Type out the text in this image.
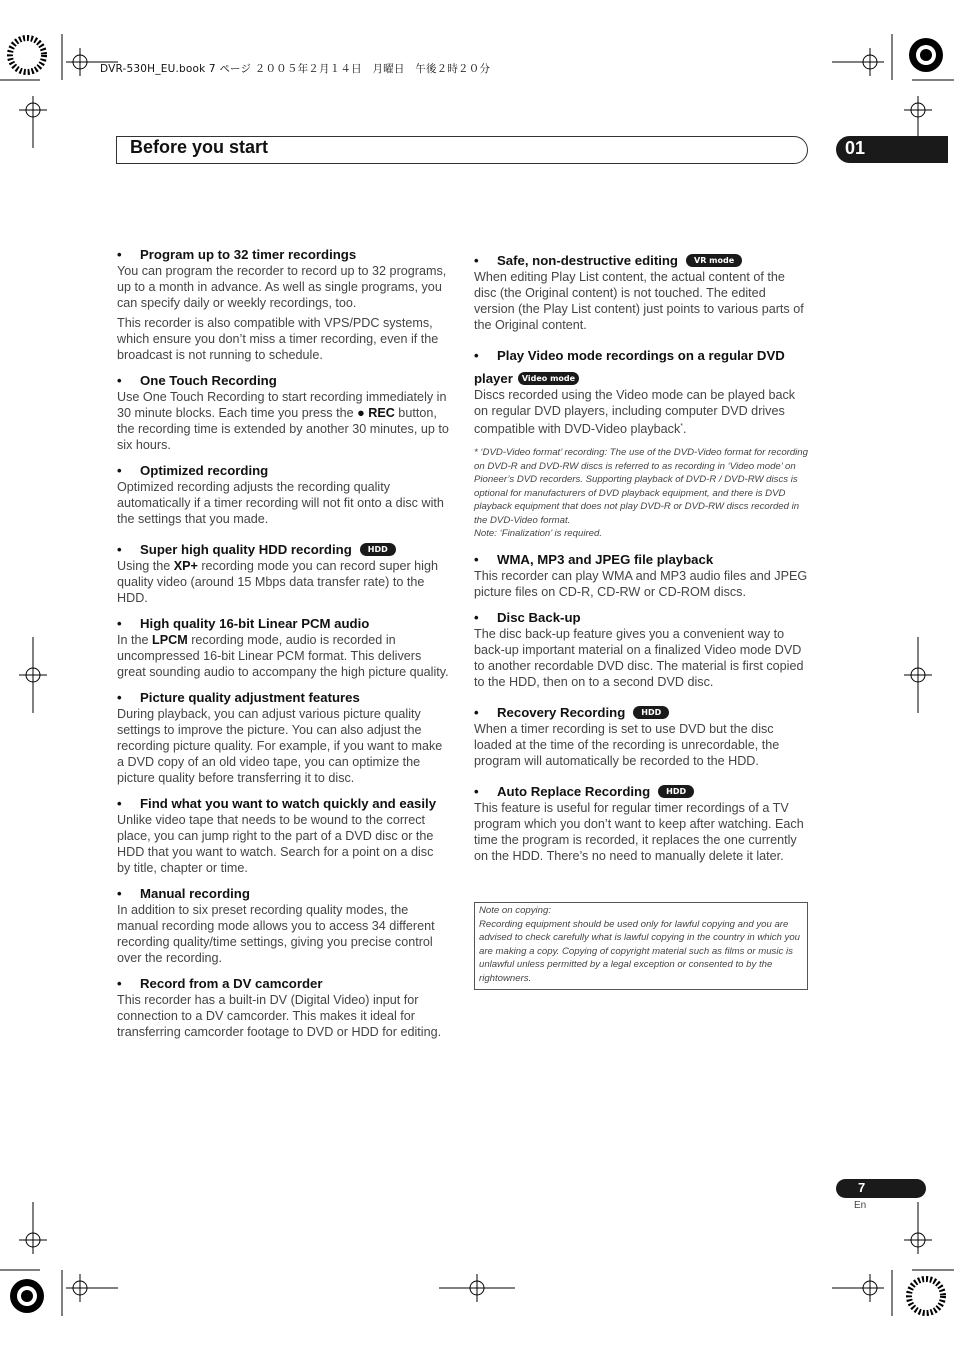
DVR-530H_EU.book 7 ページ ２００５年２月１４日　月曜日　午後２時２０分
Before you start	01
• Program up to 32 timer recordings

You can program the recorder to record up to 32 programs, up to a month in advance. As well as single programs, you can specify daily or weekly recordings, too.

This recorder is also compatible with VPS/PDC systems, which ensure you don’t miss a timer recording, even if the broadcast is not running to schedule.

• One Touch Recording

Use One Touch Recording to start recording immediately in 30 minute blocks. Each time you press the ● REC button, the recording time is extended by another 30 minutes, up to six hours.

• Optimized recording

Optimized recording adjusts the recording quality automatically if a timer recording will not fit onto a disc with the settings that you made.

• Super high quality HDD recording	HDD

Using the XP+ recording mode you can record super high quality video (around 15 Mbps data transfer rate) to the HDD.

• High quality 16-bit Linear PCM audio

In the LPCM recording mode, audio is recorded in uncompressed 16-bit Linear PCM format. This delivers great sounding audio to accompany the high picture quality.

• Picture quality adjustment features

During playback, you can adjust various picture quality settings to improve the picture. You can also adjust the recording picture quality. For example, if you want to make a DVD copy of an old video tape, you can optimize the picture quality before transferring it to disc.

• Find what you want to watch quickly and easily

Unlike video tape that needs to be wound to the correct place, you can jump right to the part of a DVD disc or the HDD that you want to watch. Search for a point on a disc by title, chapter or time.

• Manual recording

In addition to six preset recording quality modes, the manual recording mode allows you to access 34 different recording quality/time settings, giving you precise control over the recording.

• Record from a DV camcorder

This recorder has a built-in DV (Digital Video) input for connection to a DV camcorder. This makes it ideal for transferring camcorder footage to DVD or HDD for editing.

• Safe, non-destructive editing	VR mode

When editing Play List content, the actual content of the disc (the Original content) is not touched. The edited version (the Play List content) just points to various parts of the Original content.

• Play Video mode recordings on a regular DVD
player	Video mode

Discs recorded using the Video mode can be played back on regular DVD players, including computer DVD drives compatible with DVD-Video playback*.

* ‘DVD-Video format’ recording: The use of the DVD-Video format for recording on DVD-R and DVD-RW discs is referred to as recording in ‘Video mode’ on Pioneer’s DVD recorders. Supporting playback of DVD-R / DVD-RW discs is optional for manufacturers of DVD playback equipment, and there is DVD playback equipment that does not play DVD-R or DVD-RW discs recorded in the DVD-Video format.
Note: ‘Finalization’ is required.

• WMA, MP3 and JPEG file playback

This recorder can play WMA and MP3 audio files and JPEG picture files on CD-R, CD-RW or CD-ROM discs.

• Disc Back-up

The disc back-up feature gives you a convenient way to back-up important material on a finalized Video mode DVD to another recordable DVD disc. The material is first copied to the HDD, then on to a second DVD disc.

• Recovery Recording	HDD

When a timer recording is set to use DVD but the disc loaded at the time of the recording is unrecordable, the program will automatically be recorded to the HDD.

• Auto Replace Recording	HDD

This feature is useful for regular timer recordings of a TV program which you don’t want to keep after watching. Each time the program is recorded, it replaces the one currently on the HDD. There’s no need to manually delete it later.

Note on copying:

Recording equipment should be used only for lawful copying and you are advised to check carefully what is lawful copying in the country in which you are making a copy. Copying of copyright material such as films or music is unlawful unless permitted by a legal exception or consented to by the rightowners.

7
En
